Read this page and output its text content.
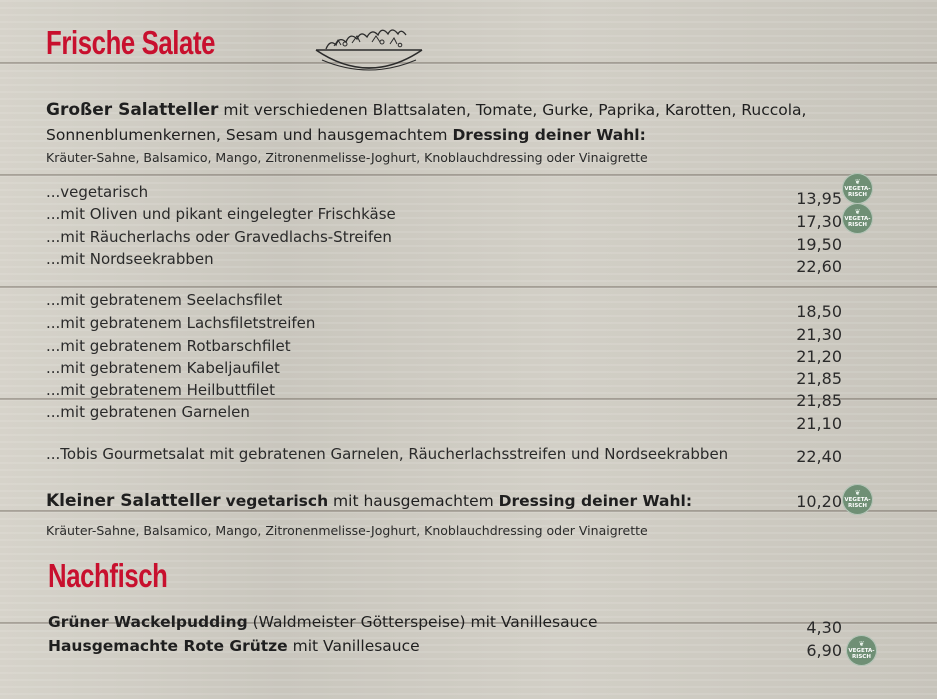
Frische Salate
Großer Salatteller mit verschiedenen Blattsalaten, Tomate, Gurke, Paprika, Karotten, Ruccola,
Sonnenblumenkernen, Sesam und hausgemachtem Dressing deiner Wahl:
Kräuter-Sahne, Balsamico, Mango, Zitronenmelisse-Joghurt, Knoblauchdressing oder Vinaigrette
...vegetarisch
...mit Oliven und pikant eingelegter Frischkäse
...mit Räucherlachs oder Gravedlachs-Streifen
...mit Nordseekrabben
13,95
17,30
19,50
22,60
❦
VEGETA-
RISCH
❦
VEGETA-
RISCH
...mit gebratenem Seelachsfilet
...mit gebratenem Lachsfiletstreifen
...mit gebratenem Rotbarschfilet
...mit gebratenem Kabeljaufilet
...mit gebratenem Heilbuttfilet
...mit gebratenen Garnelen
18,50
21,30
21,20
21,85
21,85
21,10
...Tobis Gourmetsalat mit gebratenen Garnelen, Räucherlachsstreifen und Nordseekrabben	22,40
Kleiner Salatteller vegetarisch mit hausgemachtem Dressing deiner Wahl:	10,20 ❦
VEGETA-
RISCH
Kräuter-Sahne, Balsamico, Mango, Zitronenmelisse-Joghurt, Knoblauchdressing oder Vinaigrette
Nachfisch
Grüner Wackelpudding (Waldmeister Götterspeise) mit Vanillesauce
Hausgemachte Rote Grütze mit Vanillesauce
4,30
6,90 ❦
VEGETA-
RISCH
